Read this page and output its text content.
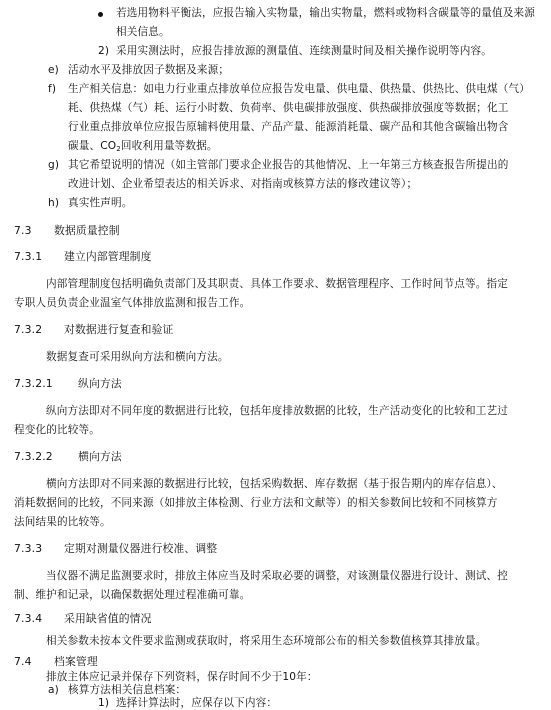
若选用物料平衡法，应报告输入实物量，输出实物量，燃料或物料含碳量等的量值及来源
相关信息。
2) 采用实测法时，应报告排放源的测量值、连续测量时间及相关操作说明等内容。
e) 活动水平及排放因子数据及来源；
f) 生产相关信息：如电力行业重点排放单位应报告发电量、供电量、供热量、供热比、供电煤（气）
耗、供热煤（气）耗、运行小时数、负荷率、供电碳排放强度、供热碳排放强度等数据；化工
行业重点排放单位应报告原辅料使用量、产品产量、能源消耗量、碳产品和其他含碳输出物含
碳量、$CO_2$回收利用量等数据。
g) 其它希望说明的情况（如主管部门要求企业报告的其他情况、上一年第三方核查报告所提出的
改进计划、企业希望表达的相关诉求、对指南或核算方法的修改建议等）；
h) 真实性声明。
7.3 数据质量控制
7.3.1 建立内部管理制度
内部管理制度包括明确负责部门及其职责、具体工作要求、数据管理程序、工作时间节点等。指定
专职人员负责企业温室气体排放监测和报告工作。
7.3.2 对数据进行复查和验证
数据复查可采用纵向方法和横向方法。
7.3.2.1 纵向方法
纵向方法即对不同年度的数据进行比较，包括年度排放数据的比较，生产活动变化的比较和工艺过
程变化的比较等。
7.3.2.2 横向方法
横向方法即对不同来源的数据进行比较，包括采购数据、库存数据（基于报告期内的库存信息）、
消耗数据间的比较，不同来源（如排放主体检测、行业方法和文献等）的相关参数间比较和不同核算方
法间结果的比较等。
7.3.3 定期对测量仪器进行校准、调整
当仪器不满足监测要求时，排放主体应当及时采取必要的调整，对该测量仪器进行设计、测试、控
制、维护和记录，以确保数据处理过程准确可靠。
7.3.4 采用缺省值的情况
相关参数未按本文件要求监测或获取时，将采用生态环境部公布的相关参数值核算其排放量。
7.4 档案管理
排放主体应记录并保存下列资料，保存时间不少于10年：
a) 核算方法相关信息档案：
1) 选择计算法时，应保存以下内容：
